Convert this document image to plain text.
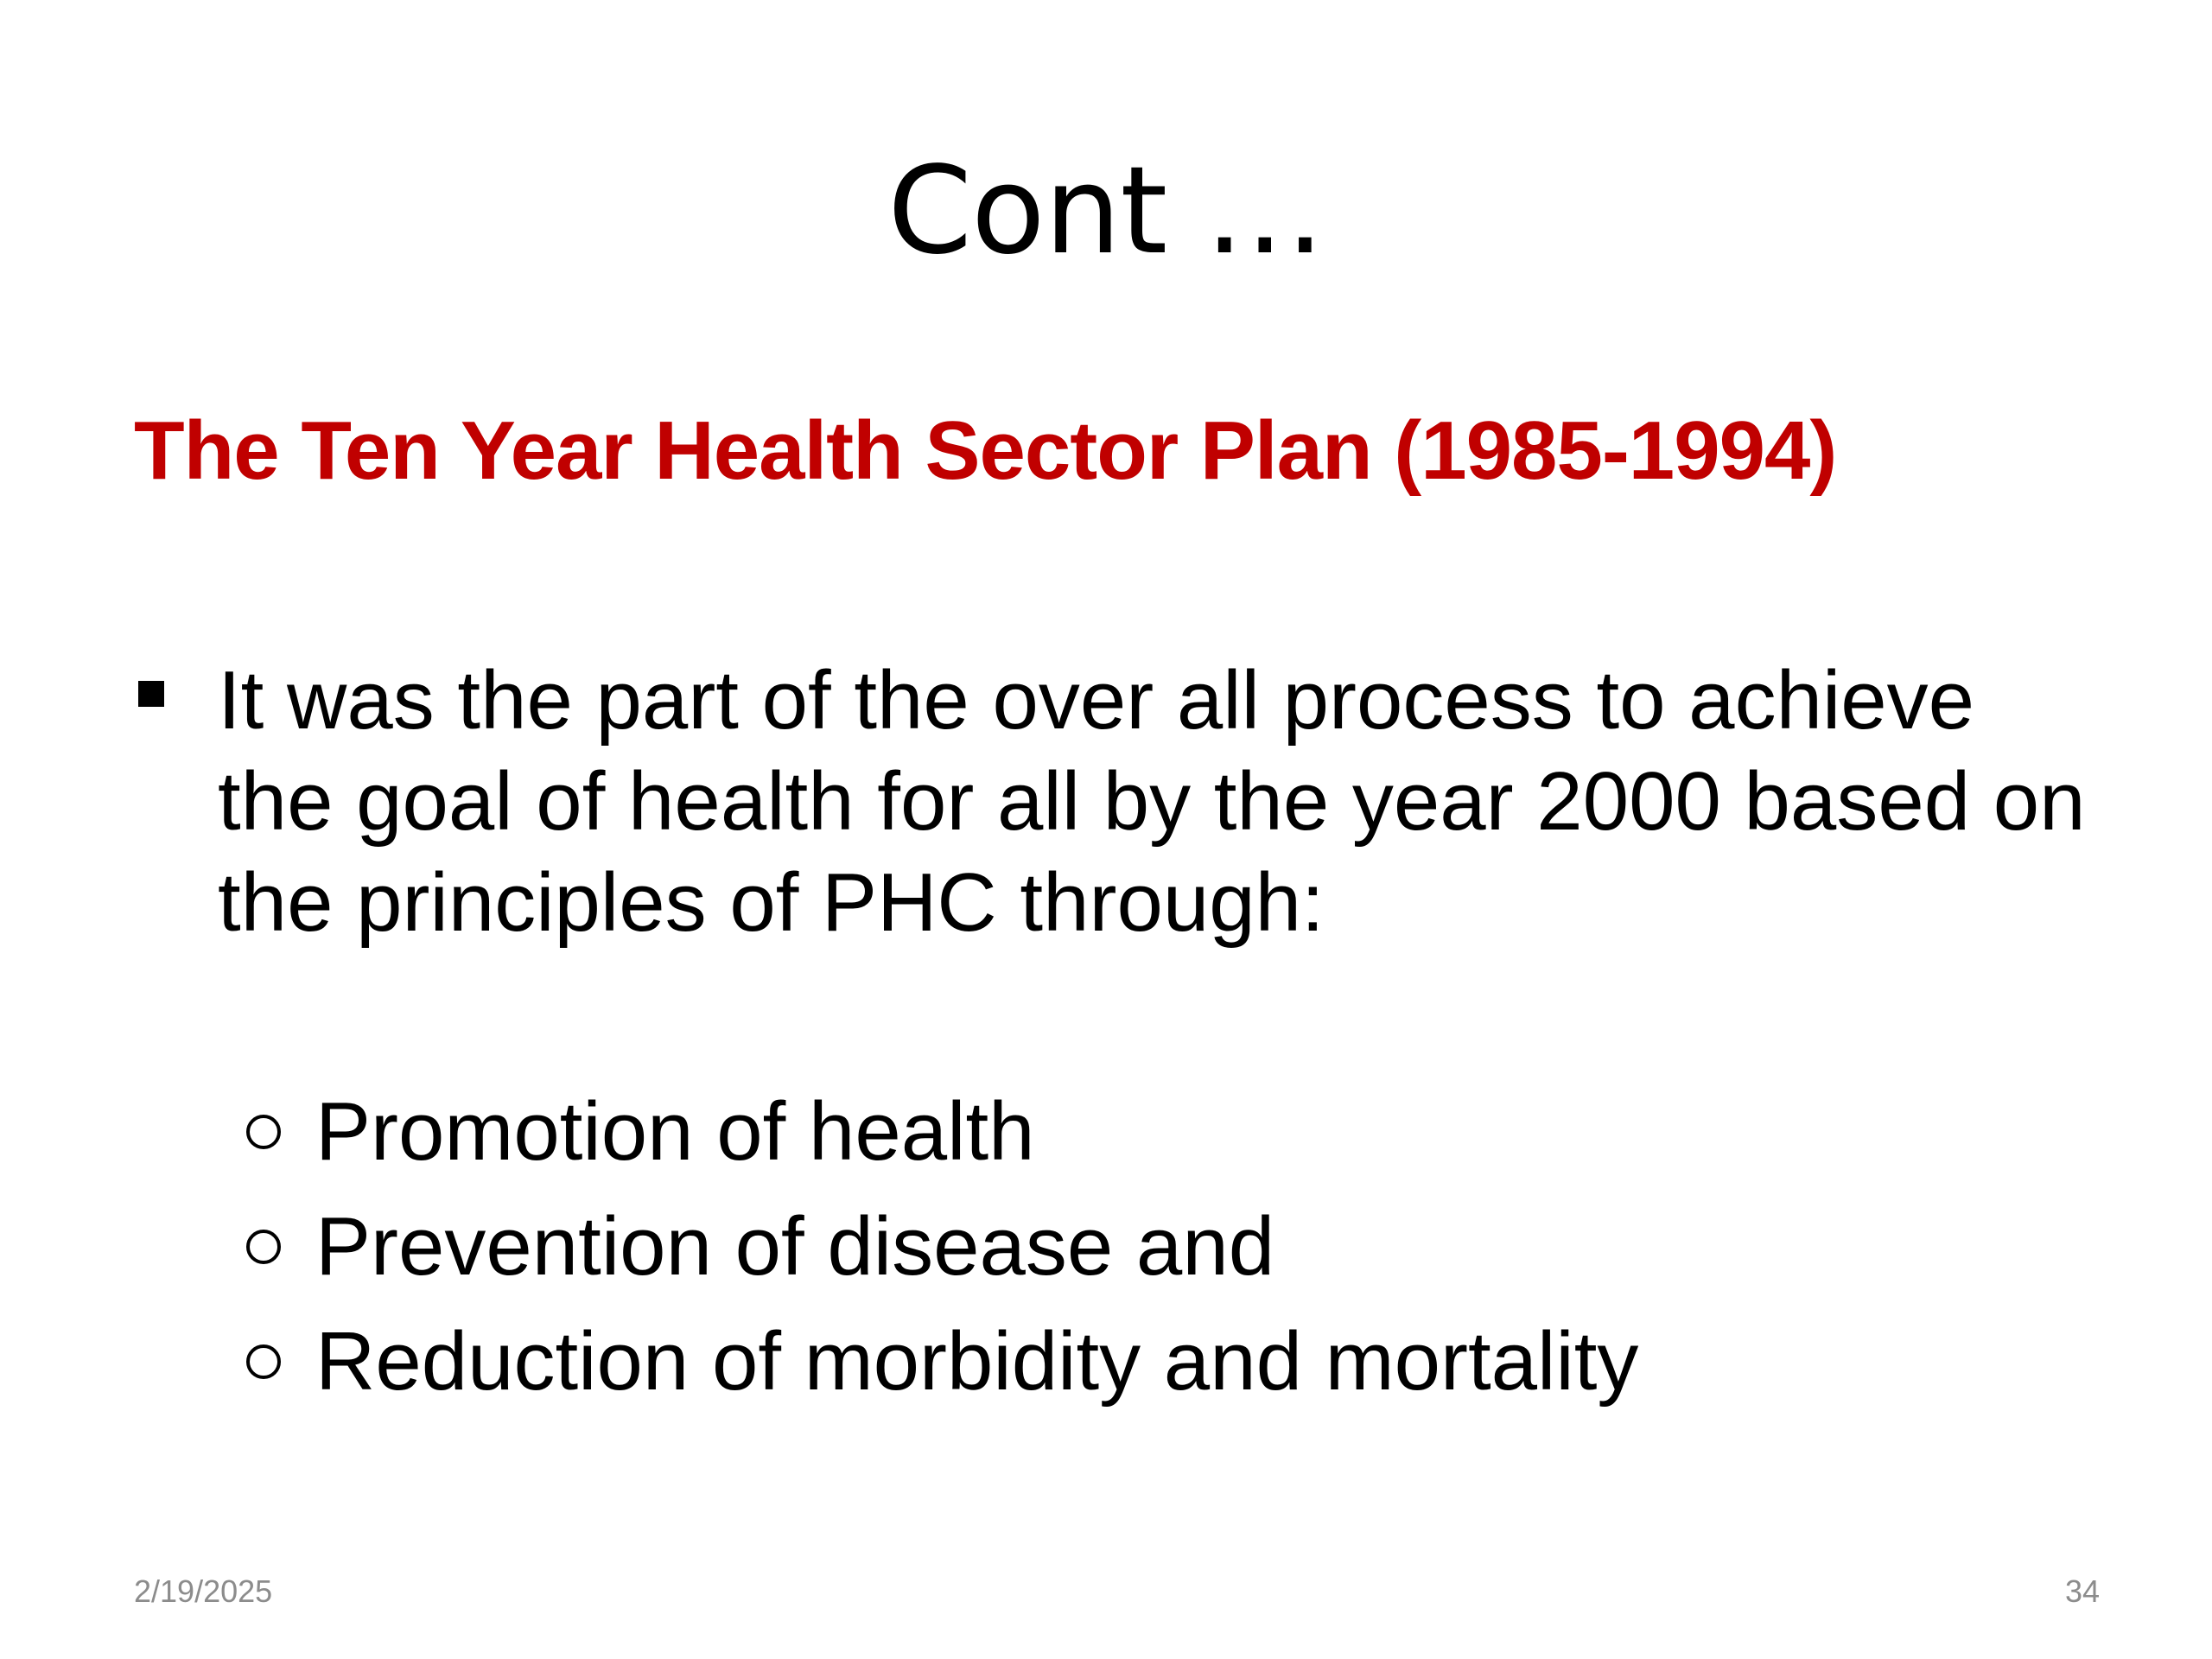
Cont …
The Ten Year Health Sector Plan (1985-1994)
It was the part of the over all process to achieve the goal of health for all by the year 2000 based on the principles of PHC through:
Promotion of health
Prevention of disease and
Reduction of morbidity and mortality
2/19/2025	34
